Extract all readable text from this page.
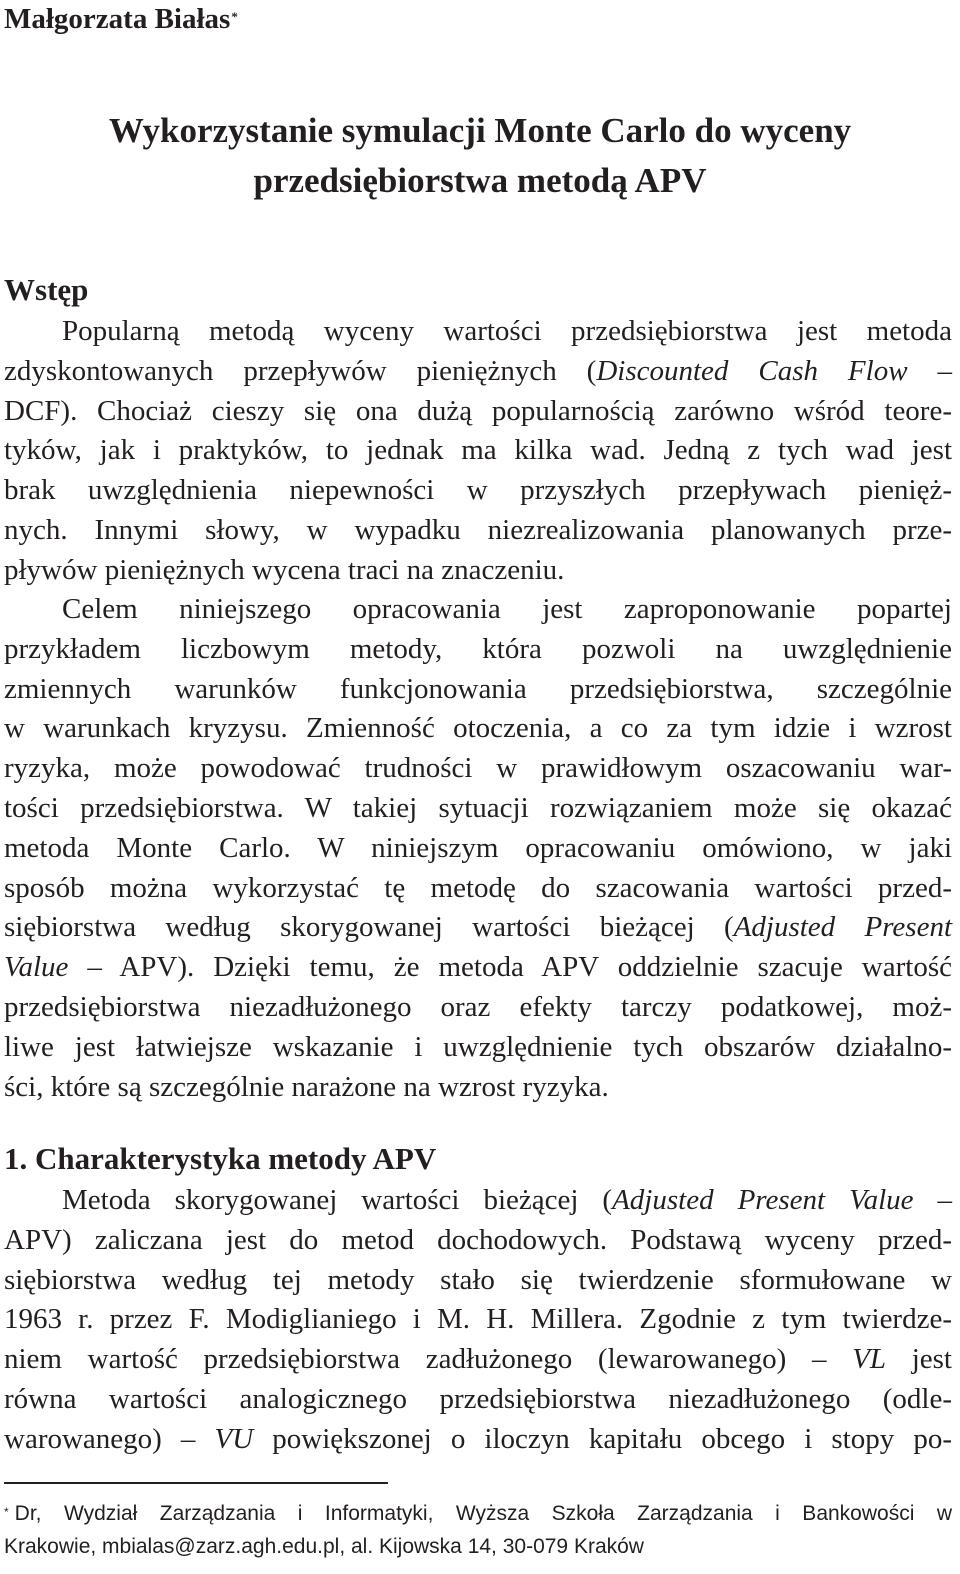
Małgorzata Białas*
Wykorzystanie symulacji Monte Carlo do wyceny
przedsiębiorstwa metodą APV
Wstęp
Popularną metodą wyceny wartości przedsiębiorstwa jest metoda
zdyskontowanych przepływów pieniężnych (Discounted Cash Flow –
DCF). Chociaż cieszy się ona dużą popularnością zarówno wśród teore-
tyków, jak i praktyków, to jednak ma kilka wad. Jedną z tych wad jest
brak uwzględnienia niepewności w przyszłych przepływach pienięż-
nych. Innymi słowy, w wypadku niezrealizowania planowanych prze-
pływów pieniężnych wycena traci na znaczeniu.
Celem niniejszego opracowania jest zaproponowanie popartej
przykładem liczbowym metody, która pozwoli na uwzględnienie
zmiennych warunków funkcjonowania przedsiębiorstwa, szczególnie
w warunkach kryzysu. Zmienność otoczenia, a co za tym idzie i wzrost
ryzyka, może powodować trudności w prawidłowym oszacowaniu war-
tości przedsiębiorstwa. W takiej sytuacji rozwiązaniem może się okazać
metoda Monte Carlo. W niniejszym opracowaniu omówiono, w jaki
sposób można wykorzystać tę metodę do szacowania wartości przed-
siębiorstwa według skorygowanej wartości bieżącej (Adjusted Present
Value – APV). Dzięki temu, że metoda APV oddzielnie szacuje wartość
przedsiębiorstwa niezadłużonego oraz efekty tarczy podatkowej, moż-
liwe jest łatwiejsze wskazanie i uwzględnienie tych obszarów działalno-
ści, które są szczególnie narażone na wzrost ryzyka.
1. Charakterystyka metody APV
Metoda skorygowanej wartości bieżącej (Adjusted Present Value –
APV) zaliczana jest do metod dochodowych. Podstawą wyceny przed-
siębiorstwa według tej metody stało się twierdzenie sformułowane w
1963 r. przez F. Modiglianiego i M. H. Millera. Zgodnie z tym twierdze-
niem wartość przedsiębiorstwa zadłużonego (lewarowanego) – VL jest
równa wartości analogicznego przedsiębiorstwa niezadłużonego (odle-
warowanego) – VU powiększonej o iloczyn kapitału obcego i stopy po-
* Dr, Wydział Zarządzania i Informatyki, Wyższa Szkoła Zarządzania i Bankowości w
Krakowie, mbialas@zarz.agh.edu.pl, al. Kijowska 14, 30-079 Kraków
